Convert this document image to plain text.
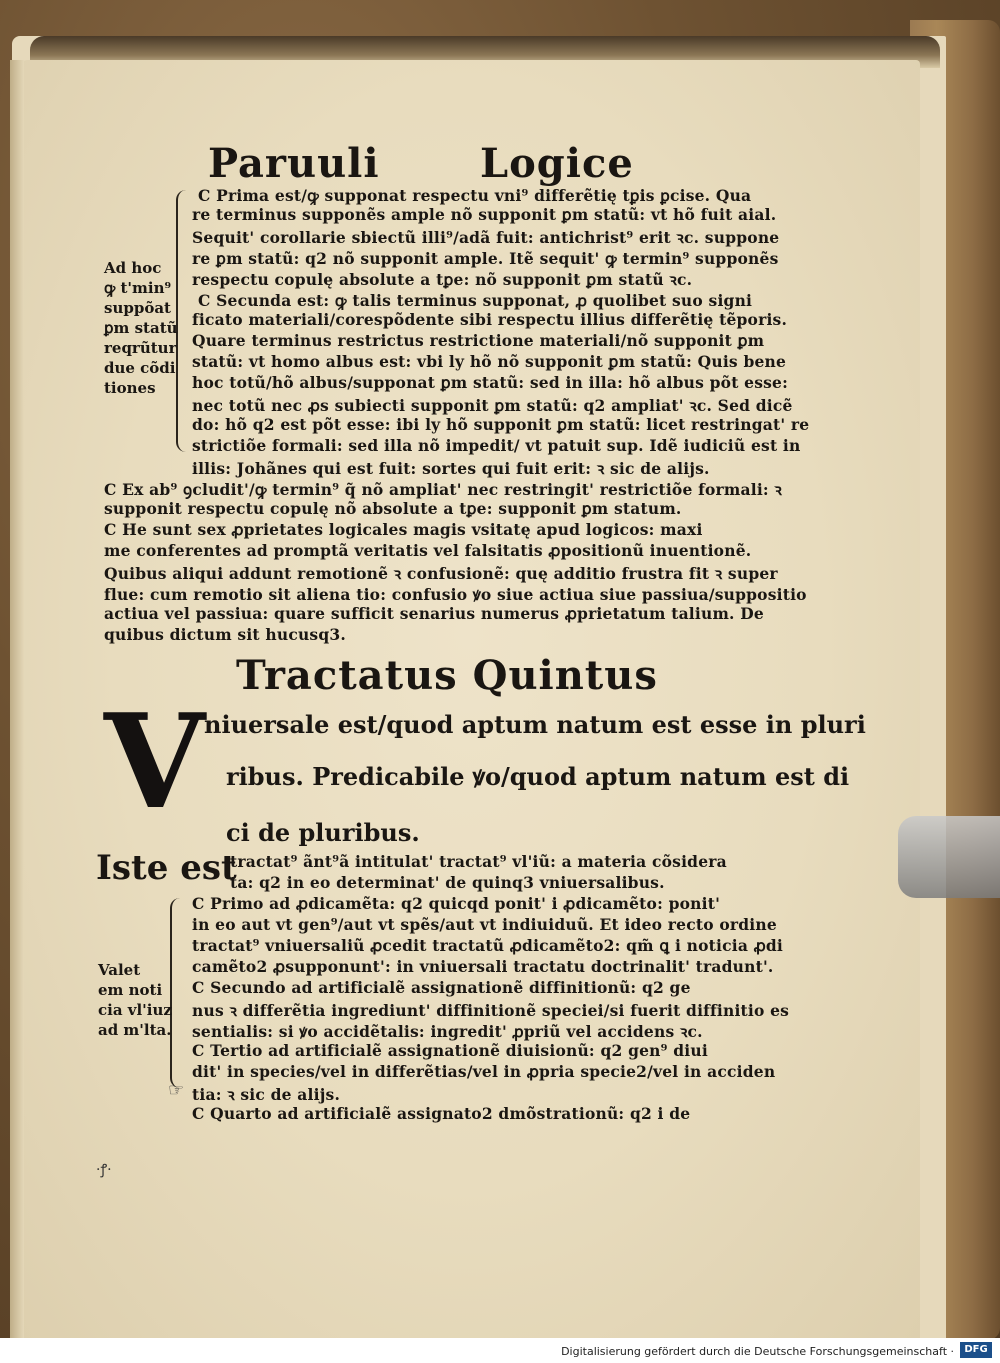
Paruuli	Logice
Ad hoc
ꝙ t'min⁹
suppõat
ꝑm statũ
reqrũtur
due cõdi
tiones
C Prima est/ꝙ supponat respectu vni⁹ differẽtię tꝑis ꝑcise. Qua
re terminus supponẽs ample nõ supponit ꝑm statũ: vt hõ fuit aial.
Sequit' corollarie sbiectũ illi⁹/adã fuit: antichrist⁹ erit ꝛc. suppone
re ꝑm statũ: q2 nõ supponit ample. Itẽ sequit' ꝙ termin⁹ supponẽs
respectu copulę absolute a tꝑe: nõ supponit ꝑm statũ ꝛc.
C Secunda est: ꝙ talis terminus supponat, ꝓ quolibet suo signi
ficato materiali/corespõdente sibi respectu illius differẽtię tẽporis.
Quare terminus restrictus restrictione materiali/nõ supponit ꝑm
statũ: vt homo albus est: vbi ly hõ nõ supponit ꝑm statũ: Quis bene
hoc totũ/hõ albus/supponat ꝑm statũ: sed in illa: hõ albus põt esse:
nec totũ nec ꝓs subiecti supponit ꝑm statũ: q2 ampliat' ꝛc. Sed dicẽ
do: hõ q2 est põt esse: ibi ly hõ supponit ꝑm statũ: licet restringat' re
strictiõe formali: sed illa nõ impedit/ vt patuit sup. Idẽ iudiciũ est in
illis: Johãnes qui est fuit: sortes qui fuit erit: ꝛ sic de alijs.
C Ex ab⁹ ꝯcludit'/ꝙ termin⁹ q̃ nõ ampliat' nec restringit' restrictiõe formali: ꝛ
supponit respectu copulę nõ absolute a tꝑe: supponit ꝑm statum.
C He sunt sex ꝓprietates logicales magis vsitatę apud logicos: maxi
me conferentes ad promptã veritatis vel falsitatis ꝓpositionũ inuentionẽ.
Quibus aliqui addunt remotionẽ ꝛ confusionẽ: quę additio frustra fit ꝛ super
flue: cum remotio sit aliena tio: confusio ꝟo siue actiua siue passiua/suppositio
actiua vel passiua: quare sufficit senarius numerus ꝓprietatum talium. De
quibus dictum sit hucusq3.
Tractatus Quintus
V niuersale est/quod aptum natum est esse in pluri
ribus. Predicabile ꝟo/quod aptum natum est di
ci de pluribus.
Iste est
tractat⁹ ãnt⁹ã intitulat' tractat⁹ vl'iũ: a materia cõsidera
ta: q2 in eo determinat' de quinq3 vniuersalibus.
Valet
em noti
cia vl'iuz
ad m'lta.
C Primo ad ꝓdicamẽta: q2 quicqd ponit' i ꝓdicamẽto: ponit'
in eo aut vt gen⁹/aut vt spẽs/aut vt indiuiduũ. Et ideo recto ordine
tractat⁹ vniuersaliũ ꝓcedit tractatũ ꝓdicamẽto2: qm̃ ꝗ i noticia ꝓdi
camẽto2 ꝓsupponunt': in vniuersali tractatu doctrinalit' tradunt'.
C Secundo ad artificialẽ assignationẽ diffinitionũ: q2 ge
nus ꝛ differẽtia ingrediunt' diffinitionẽ speciei/si fuerit diffinitio es
sentialis: si ꝟo accidẽtalis: ingredit' ꝓpriũ vel accidens ꝛc.
C Tertio ad artificialẽ assignationẽ diuisionũ: q2 gen⁹ diui
dit' in species/vel in differẽtias/vel in ꝓpria specie2/vel in acciden
tia: ꝛ sic de alijs.
C Quarto ad artificialẽ assignato2 dmõstrationũ: q2 i de
☞
·ꝭ·
Digitalisierung gefördert durch die Deutsche Forschungsgemeinschaft ·	DFG
